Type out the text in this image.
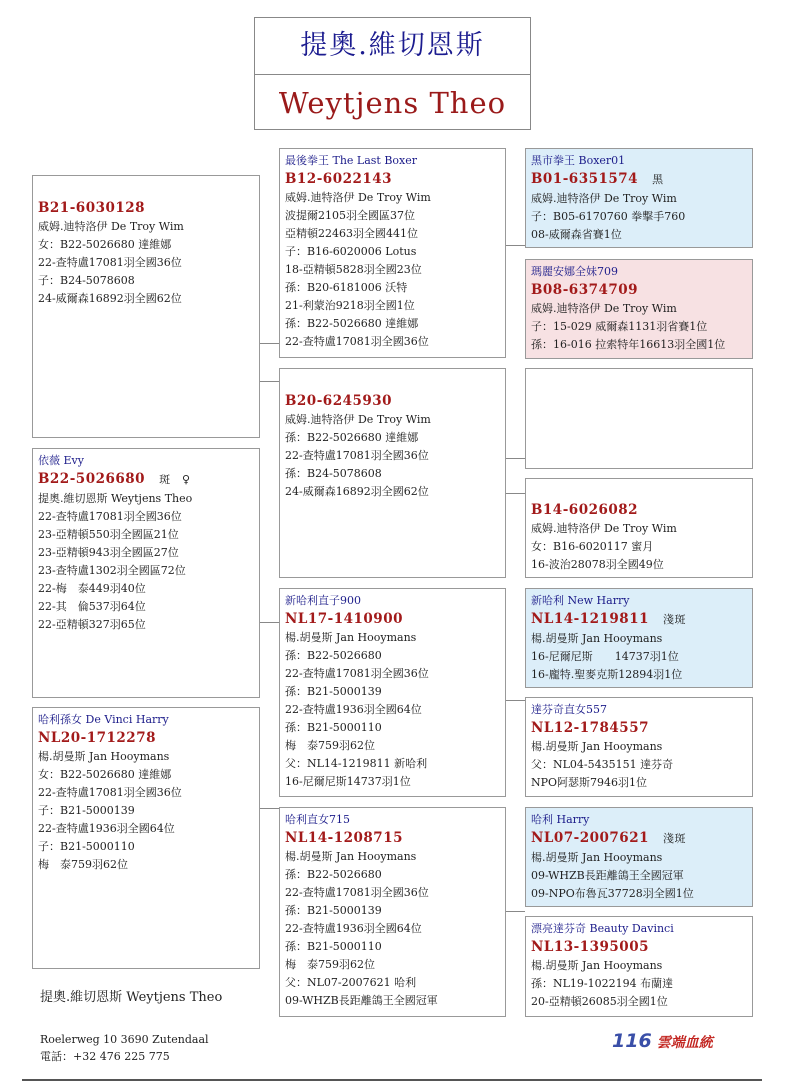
提奧.維切恩斯
Weytjens Theo
B21-6030128
威姆.迪特洛伊 De Troy Wim
女：B22-5026680 達維娜
22-查特盧17081羽全國36位
子：B24-5078608
24-威爾森16892羽全國62位
依薇 Evy
B22-5026680 斑　♀
提奧.維切恩斯 Weytjens Theo
22-查特盧17081羽全國36位
23-亞精頓550羽全國區21位
23-亞精頓943羽全國區27位
23-查特盧1302羽全國區72位
22-梅　泰449羽40位
22-其　倫537羽64位
22-亞精頓327羽65位
哈利孫女 De Vinci Harry
NL20-1712278
楊.胡曼斯 Jan Hooymans
女：B22-5026680 達維娜
22-查特盧17081羽全國36位
子：B21-5000139
22-查特盧1936羽全國64位
子：B21-5000110
梅　泰759羽62位
最後拳王 The Last Boxer
B12-6022143
威姆.迪特洛伊 De Troy Wim
波提爾2105羽全國區37位
亞精頓22463羽全國441位
子：B16-6020006 Lotus
18-亞精頓5828羽全國23位
孫：B20-6181006 沃特
21-利蒙治9218羽全國1位
孫：B22-5026680 達維娜
22-查特盧17081羽全國36位
B20-6245930
威姆.迪特洛伊 De Troy Wim
孫：B22-5026680 達維娜
22-查特盧17081羽全國36位
孫：B24-5078608
24-威爾森16892羽全國62位
新哈利直子900
NL17-1410900
楊.胡曼斯 Jan Hooymans
孫：B22-5026680
22-查特盧17081羽全國36位
孫：B21-5000139
22-查特盧1936羽全國64位
孫：B21-5000110
梅　泰759羽62位
父：NL14-1219811 新哈利
16-尼爾尼斯14737羽1位
哈利直女715
NL14-1208715
楊.胡曼斯 Jan Hooymans
孫：B22-5026680
22-查特盧17081羽全國36位
孫：B21-5000139
22-查特盧1936羽全國64位
孫：B21-5000110
梅　泰759羽62位
父：NL07-2007621 哈利
09-WHZB長距離鴿王全國冠軍
黑市拳王 Boxer01
B01-6351574 黑
威姆.迪特洛伊 De Troy Wim
子：B05-6170760 拳擊手760
08-威爾森省賽1位
瑪麗安娜全妹709
B08-6374709
威姆.迪特洛伊 De Troy Wim
子：15-029 威爾森1131羽省賽1位
孫：16-016 拉索特年16613羽全國1位
B14-6026082
威姆.迪特洛伊 De Troy Wim
女：B16-6020117 蜜月
16-波治28078羽全國49位
新哈利 New Harry
NL14-1219811 淺斑
楊.胡曼斯 Jan Hooymans
16-尼爾尼斯　　14737羽1位
16-龐特.聖麥克斯12894羽1位
達芬奇直女557
NL12-1784557
楊.胡曼斯 Jan Hooymans
父：NL04-5435151 達芬奇
NPO阿瑟斯7946羽1位
哈利 Harry
NL07-2007621 淺斑
楊.胡曼斯 Jan Hooymans
09-WHZB長距離鴿王全國冠軍
09-NPO布魯瓦37728羽全國1位
漂亮達芬奇 Beauty Davinci
NL13-1395005
楊.胡曼斯 Jan Hooymans
孫：NL19-1022194 布蘭達
20-亞精頓26085羽全國1位
提奧.維切恩斯 Weytjens Theo
Roelerweg 10 3690 Zutendaal
電話：+32 476 225 775
116 雲端血統
